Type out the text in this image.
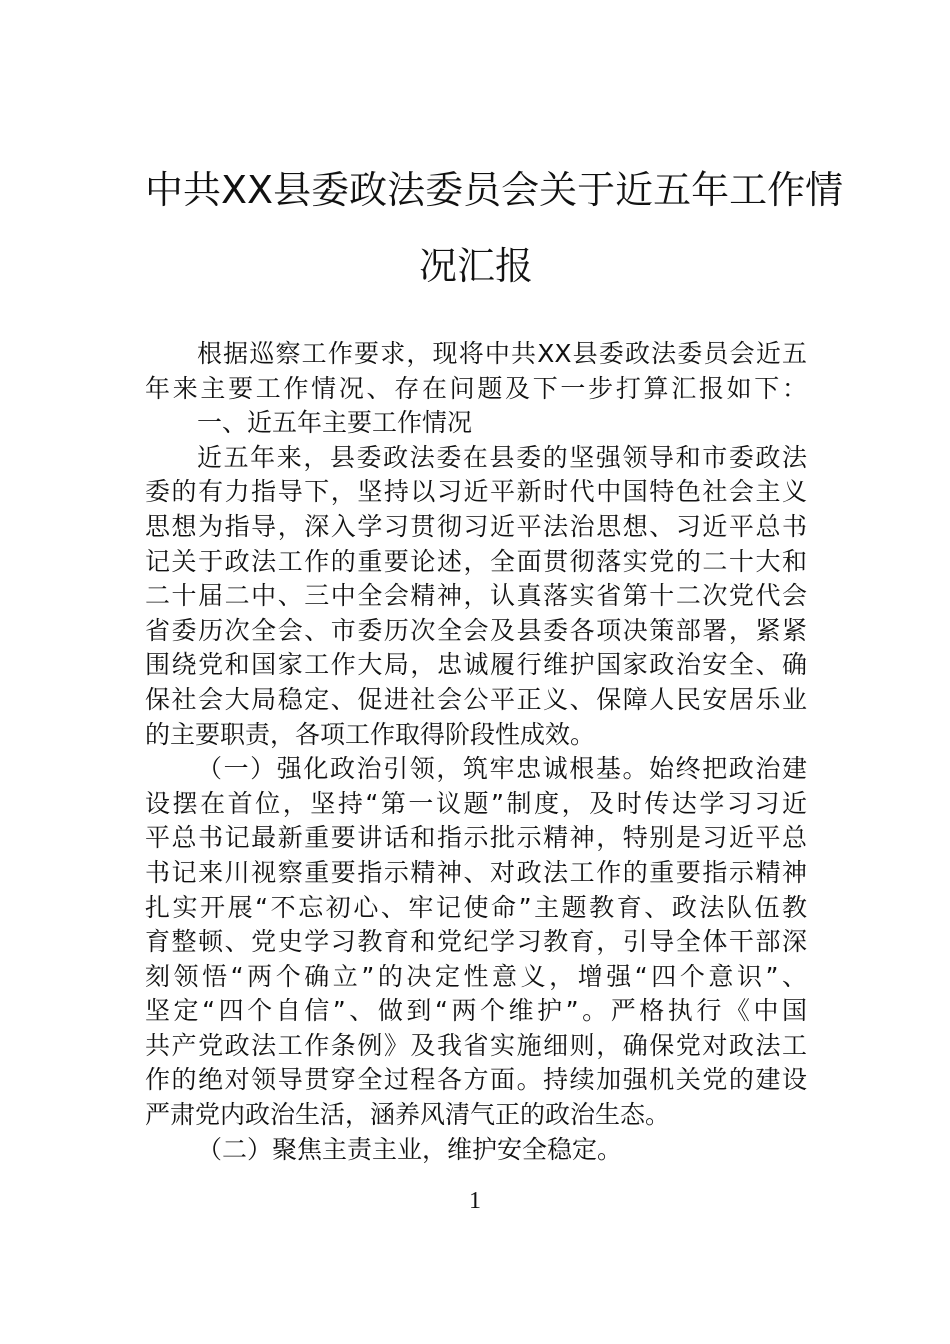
中共XX县委政法委员会关于近五年工作情
况汇报
根据巡察工作要求，现将中共XX县委政法委员会近五
年来主要工作情况、存在问题及下一步打算汇报如下：
一、近五年主要工作情况
近五年来，县委政法委在县委的坚强领导和市委政法
委的有力指导下，坚持以习近平新时代中国特色社会主义
思想为指导，深入学习贯彻习近平法治思想、习近平总书
记关于政法工作的重要论述，全面贯彻落实党的二十大和
二十届二中、三中全会精神，认真落实省第十二次党代会
省委历次全会、市委历次全会及县委各项决策部署，紧紧
围绕党和国家工作大局，忠诚履行维护国家政治安全、确
保社会大局稳定、促进社会公平正义、保障人民安居乐业
的主要职责，各项工作取得阶段性成效。
（一）强化政治引领，筑牢忠诚根基。始终把政治建
设摆在首位，坚持“第一议题”制度，及时传达学习习近
平总书记最新重要讲话和指示批示精神，特别是习近平总
书记来川视察重要指示精神、对政法工作的重要指示精神
扎实开展“不忘初心、牢记使命”主题教育、政法队伍教
育整顿、党史学习教育和党纪学习教育，引导全体干部深
刻领悟“两个确立”的决定性意义，增强“四个意识”、
坚定“四个自信”、做到“两个维护”。严格执行《中国
共产党政法工作条例》及我省实施细则，确保党对政法工
作的绝对领导贯穿全过程各方面。持续加强机关党的建设
严肃党内政治生活，涵养风清气正的政治生态。
（二）聚焦主责主业，维护安全稳定。
1
